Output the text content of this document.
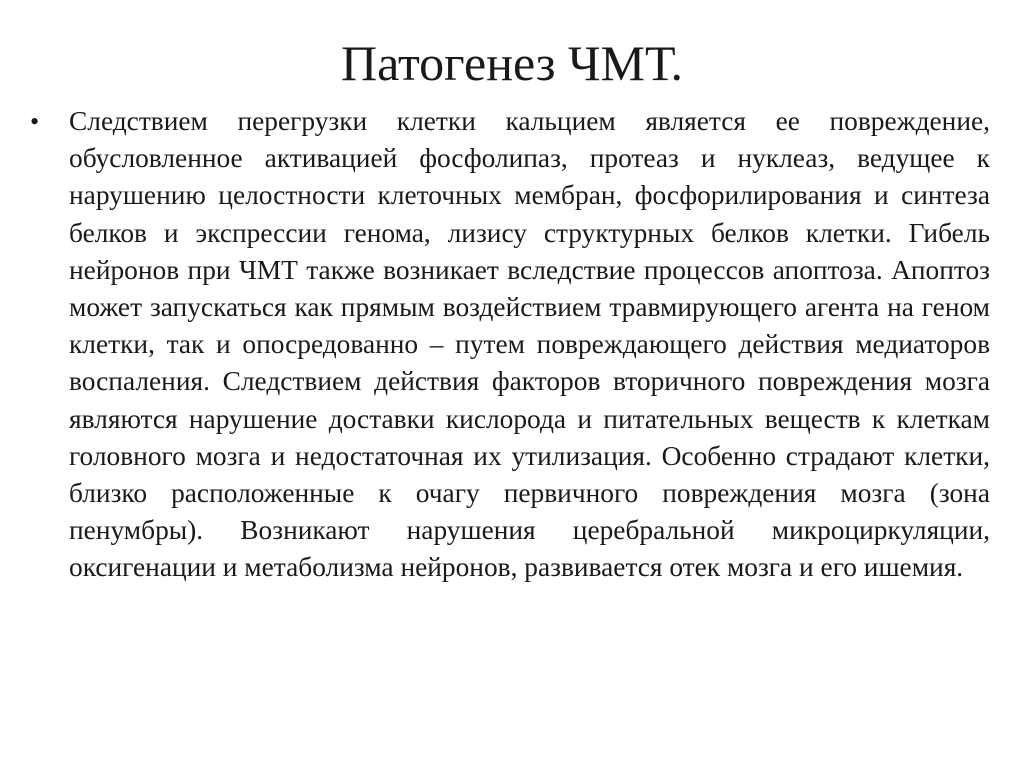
Патогенез ЧМТ.
• Следствием перегрузки клетки кальцием является ее повреждение, обусловленное активацией фосфолипаз, протеаз и нуклеаз, ведущее к нарушению целостности клеточных мембран, фосфорилирования и синтеза белков и экспрессии генома, лизису структурных белков клетки. Гибель нейронов при ЧМТ также возникает вследствие процессов апоптоза. Апоптоз может запускаться как прямым воздействием травмирующего агента на геном клетки, так и опосредованно – путем повреждающего действия медиаторов воспаления. Следствием действия факторов вторичного повреждения мозга являются нарушение доставки кислорода и питательных веществ к клеткам головного мозга и недостаточная их утилизация. Особенно страдают клетки, близко расположенные к очагу первичного повреждения мозга (зона пенумбры). Возникают нарушения церебральной микроциркуляции, оксигенации и метаболизма нейронов, развивается отек мозга и его ишемия.
